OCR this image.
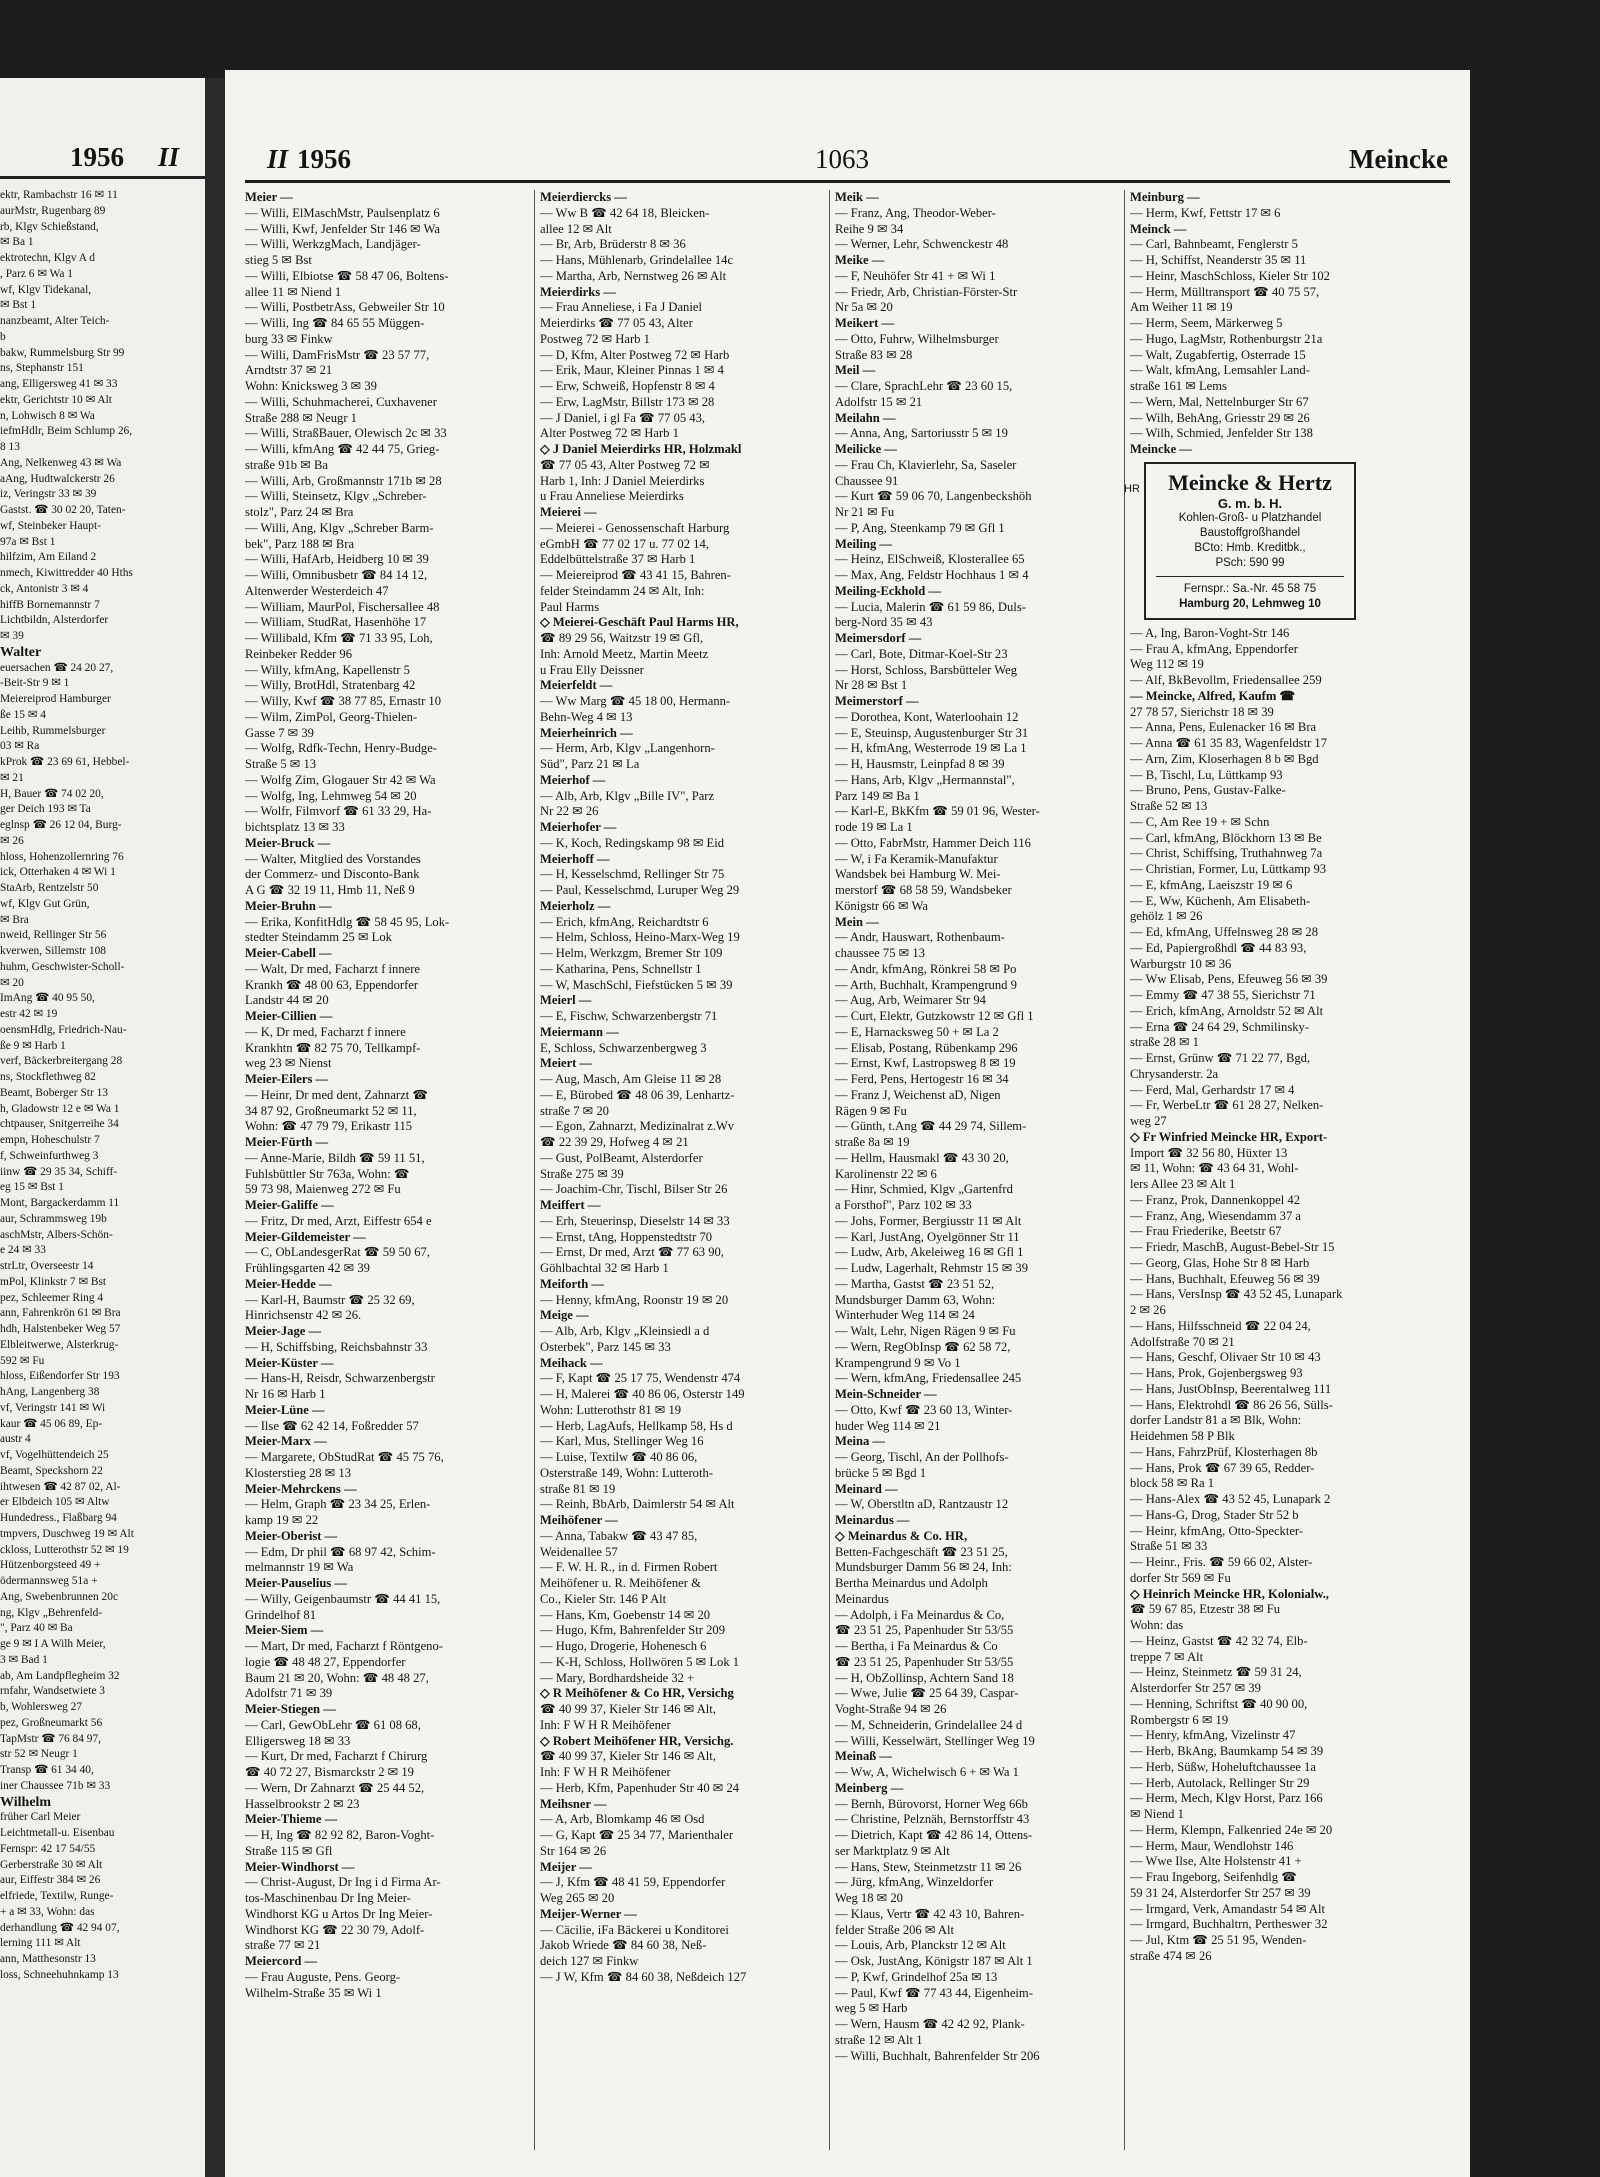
1956 II
ektr, Rambachstr 16 ✉ 11
aurMstr, Rugenbarg 89
rb, Klgv Schießstand,
✉ Ba 1
ektrotechn, Klgv A d
, Parz 6 ✉ Wa 1
wf, Klgv Tidekanal,
✉ Bst 1
nanzbeamt, Alter Teich-
b
bakw, Rummelsburg Str 99
ns, Stephanstr 151
ang, Elligersweg 41 ✉ 33
ektr, Gerichtstr 10 ✉ Alt
n, Lohwisch 8 ✉ Wa
iefmHdlr, Beim Schlump 26,
8 13
Ang, Nelkenweg 43 ✉ Wa
aAng, Hudtwalckerstr 26
iz, Veringstr 33 ✉ 39
Gastst. ☎ 30 02 20, Taten-
wf, Steinbeker Haupt-
97a ✉ Bst 1
hilfzim, Am Eiland 2
nmech, Kiwittredder 40 Hths
ck, Antonistr 3 ✉ 4
hiffB Bornemannstr 7
Lichtbildn, Alsterdorfer
✉ 39
Walter
euersachen ☎ 24 20 27,
-Beit-Str 9 ✉ 1
Meiereiprod Hamburger
ße 15 ✉ 4
Leihb, Rummelsburger
03 ✉ Ra
kProk ☎ 23 69 61, Hebbel-
✉ 21
H, Bauer ☎ 74 02 20,
ger Deich 193 ✉ Ta
eglnsp ☎ 26 12 04, Burg-
✉ 26
hloss, Hohenzollernring 76
ick, Otterhaken 4 ✉ Wi 1
StaArb, Rentzelstr 50
wf, Klgv Gut Grün,
✉ Bra
nweid, Rellinger Str 56
kverwen, Sillemstr 108
huhm, Geschwister-Scholl-
✉ 20
ImAng ☎ 40 95 50,
estr 42 ✉ 19
oensmHdlg, Friedrich-Nau-
ße 9 ✉ Harb 1
verf, Bäckerbreitergang 28
ns, Stockflethweg 82
Beamt, Boberger Str 13
h, Gladowstr 12 e ✉ Wa 1
chtpauser, Snitgerreihe 34
empn, Hoheschulstr 7
f, Schweinfurthweg 3
iinw ☎ 29 35 34, Schiff-
eg 15 ✉ Bst 1
Mont, Bargackerdamm 11
aur, Schrammsweg 19b
aschMstr, Albers-Schön-
e 24 ✉ 33
strLtr, Overseestr 14
mPol, Klinkstr 7 ✉ Bst
pez, Schleemer Ring 4
ann, Fahrenkrön 61 ✉ Bra
hdh, Halstenbeker Weg 57
Elbleitwerwe, Alsterkrug-
592 ✉ Fu
hloss, Eißendorfer Str 193
hAng, Langenberg 38
vf, Veringstr 141 ✉ Wi
kaur ☎ 45 06 89, Ep-
austr 4
vf, Vogelhüttendeich 25
Beamt, Speckshorn 22
ihtwesen ☎ 42 87 02, Al-
er Elbdeich 105 ✉ Altw
Hundedress., Flaßbarg 94
tmpvers, Duschweg 19 ✉ Alt
ckloss, Lutterothstr 52 ✉ 19
Hützenborgsteed 49 +
ödermannsweg 51a +
Ang, Swebenbrunnen 20c
ng, Klgv „Behrenfeld-
", Parz 40 ✉ Ba
ge 9 ✉ I A Wilh Meier,
3 ✉ Bad 1
ab, Am Landpflegheim 32
rnfahr, Wandsetwiete 3
b, Wohlersweg 27
pez, Großneumarkt 56
TapMstr ☎ 76 84 97,
str 52 ✉ Neugr 1
Transp ☎ 61 34 40,
iner Chaussee 71b ✉ 33
Wilhelm
früher Carl Meier
Leichtmetall-u. Eisenbau
Fernspr: 42 17 54/55
Gerberstraße 30 ✉ Alt
aur, Eiffestr 384 ✉ 26
elfriede, Textilw, Runge-
+ a ✉ 33, Wohn: das
derhandlung ☎ 42 94 07,
lerning 111 ✉ Alt
ann, Matthesonstr 13
loss, Schneehuhnkamp 13
II 1956	1063	Meincke
Meier —
— Willi, ElMaschMstr, Paulsenplatz 6
— Willi, Kwf, Jenfelder Str 146 ✉ Wa
— Willi, WerkzgMach, Landjäger-
stieg 5 ✉ Bst
— Willi, Elbiotse ☎ 58 47 06, Boltens-
allee 11 ✉ Niend 1
— Willi, PostbetrAss, Gebweiler Str 10
— Willi, Ing ☎ 84 65 55 Müggen-
burg 33 ✉ Finkw
— Willi, DamFrisMstr ☎ 23 57 77,
Arndtstr 37 ✉ 21
Wohn: Knicksweg 3 ✉ 39
— Willi, Schuhmacherei, Cuxhavener
Straße 288 ✉ Neugr 1
— Willi, StraßBauer, Olewisch 2c ✉ 33
— Willi, kfmAng ☎ 42 44 75, Grieg-
straße 91b ✉ Ba
— Willi, Arb, Großmannstr 171b ✉ 28
— Willi, Steinsetz, Klgv „Schreber-
stolz", Parz 24 ✉ Bra
— Willi, Ang, Klgv „Schreber Barm-
bek", Parz 188 ✉ Bra
— Willi, HafArb, Heidberg 10 ✉ 39
— Willi, Omnibusbetr ☎ 84 14 12,
Altenwerder Westerdeich 47
— William, MaurPol, Fischersallee 48
— William, StudRat, Hasenhöhe 17
— Willibald, Kfm ☎ 71 33 95, Loh,
Reinbeker Redder 96
— Willy, kfmAng, Kapellenstr 5
— Willy, BrotHdl, Stratenbarg 42
— Willy, Kwf ☎ 38 77 85, Ernastr 10
— Wilm, ZimPol, Georg-Thielen-
Gasse 7 ✉ 39
— Wolfg, Rdfk-Techn, Henry-Budge-
Straße 5 ✉ 13
— Wolfg Zim, Glogauer Str 42 ✉ Wa
— Wolfg, Ing, Lehmweg 54 ✉ 20
— Wolfr, Filmvorf ☎ 61 33 29, Ha-
bichtsplatz 13 ✉ 33
Meier-Bruck —
— Walter, Mitglied des Vorstandes
der Commerz- und Disconto-Bank
A G ☎ 32 19 11, Hmb 11, Neß 9
Meier-Bruhn —
— Erika, KonfitHdlg ☎ 58 45 95, Lok-
stedter Steindamm 25 ✉ Lok
Meier-Cabell —
— Walt, Dr med, Facharzt f innere
Krankh ☎ 48 00 63, Eppendorfer
Landstr 44 ✉ 20
Meier-Cillien —
— K, Dr med, Facharzt f innere
Krankhtn ☎ 82 75 70, Tellkampf-
weg 23 ✉ Nienst
Meier-Eilers —
— Heinr, Dr med dent, Zahnarzt ☎
34 87 92, Großneumarkt 52 ✉ 11,
Wohn: ☎ 47 79 79, Erikastr 115
Meier-Fürth —
— Anne-Marie, Bildh ☎ 59 11 51,
Fuhlsbüttler Str 763a, Wohn: ☎
59 73 98, Maienweg 272 ✉ Fu
Meier-Galiffe —
— Fritz, Dr med, Arzt, Eiffestr 654 e
Meier-Gildemeister —
— C, ObLandesgerRat ☎ 59 50 67,
Frühlingsgarten 42 ✉ 39
Meier-Hedde —
— Karl-H, Baumstr ☎ 25 32 69,
Hinrichsenstr 42 ✉ 26.
Meier-Jage —
— H, Schiffsbing, Reichsbahnstr 33
Meier-Küster —
— Hans-H, Reisdr, Schwarzenbergstr
Nr 16 ✉ Harb 1
Meier-Lüne —
— Ilse ☎ 62 42 14, Foßredder 57
Meier-Marx —
— Margarete, ObStudRat ☎ 45 75 76,
Klosterstieg 28 ✉ 13
Meier-Mehrckens —
— Helm, Graph ☎ 23 34 25, Erlen-
kamp 19 ✉ 22
Meier-Oberist —
— Edm, Dr phil ☎ 68 97 42, Schim-
melmannstr 19 ✉ Wa
Meier-Pauselius —
— Willy, Geigenbaumstr ☎ 44 41 15,
Grindelhof 81
Meier-Siem —
— Mart, Dr med, Facharzt f Röntgeno-
logie ☎ 48 48 27, Eppendorfer
Baum 21 ✉ 20, Wohn: ☎ 48 48 27,
Adolfstr 71 ✉ 39
Meier-Stiegen —
— Carl, GewObLehr ☎ 61 08 68,
Elligersweg 18 ✉ 33
— Kurt, Dr med, Facharzt f Chirurg
☎ 40 72 27, Bismarckstr 2 ✉ 19
— Wern, Dr Zahnarzt ☎ 25 44 52,
Hasselbrookstr 2 ✉ 23
Meier-Thieme —
— H, Ing ☎ 82 92 82, Baron-Voght-
Straße 115 ✉ Gfl
Meier-Windhorst —
— Christ-August, Dr Ing i d Firma Ar-
tos-Maschinenbau Dr Ing Meier-
Windhorst KG u Artos Dr Ing Meier-
Windhorst KG ☎ 22 30 79, Adolf-
straße 77 ✉ 21
Meiercord —
— Frau Auguste, Pens. Georg-
Wilhelm-Straße 35 ✉ Wi 1
Meierdiercks —
— Ww B ☎ 42 64 18, Bleicken-
allee 12 ✉ Alt
— Br, Arb, Brüderstr 8 ✉ 36
— Hans, Mühlenarb, Grindelallee 14c
— Martha, Arb, Nernstweg 26 ✉ Alt
Meierdirks —
— Frau Anneliese, i Fa J Daniel
Meierdirks ☎ 77 05 43, Alter
Postweg 72 ✉ Harb 1
— D, Kfm, Alter Postweg 72 ✉ Harb
— Erik, Maur, Kleiner Pinnas 1 ✉ 4
— Erw, Schweiß, Hopfenstr 8 ✉ 4
— Erw, LagMstr, Billstr 173 ✉ 28
— J Daniel, i gl Fa ☎ 77 05 43,
Alter Postweg 72 ✉ Harb 1
◇ J Daniel Meierdirks HR, Holzmakl
☎ 77 05 43, Alter Postweg 72 ✉
Harb 1, Inh: J Daniel Meierdirks
u Frau Anneliese Meierdirks
Meierei —
— Meierei - Genossenschaft Harburg
eGmbH ☎ 77 02 17 u. 77 02 14,
Eddelbüttelstraße 37 ✉ Harb 1
— Meiereiprod ☎ 43 41 15, Bahren-
felder Steindamm 24 ✉ Alt, Inh:
Paul Harms
◇ Meierei-Geschäft Paul Harms HR,
☎ 89 29 56, Waitzstr 19 ✉ Gfl,
Inh: Arnold Meetz, Martin Meetz
u Frau Elly Deissner
Meierfeldt —
— Ww Marg ☎ 45 18 00, Hermann-
Behn-Weg 4 ✉ 13
Meierheinrich —
— Herm, Arb, Klgv „Langenhorn-
Süd", Parz 21 ✉ La
Meierhof —
— Alb, Arb, Klgv „Bille IV", Parz
Nr 22 ✉ 26
Meierhofer —
— K, Koch, Redingskamp 98 ✉ Eid
Meierhoff —
— H, Kesselschmd, Rellinger Str 75
— Paul, Kesselschmd, Luruper Weg 29
Meierholz —
— Erich, kfmAng, Reichardtstr 6
— Helm, Schloss, Heino-Marx-Weg 19
— Helm, Werkzgm, Bremer Str 109
— Katharina, Pens, Schnellstr 1
— W, MaschSchl, Fiefstücken 5 ✉ 39
Meierl —
— E, Fischw, Schwarzenbergstr 71
Meiermann —
E, Schloss, Schwarzenbergweg 3
Meiert —
— Aug, Masch, Am Gleise 11 ✉ 28
— E, Bürobed ☎ 48 06 39, Lenhartz-
straße 7 ✉ 20
— Egon, Zahnarzt, Medizinalrat z.Wv
☎ 22 39 29, Hofweg 4 ✉ 21
— Gust, PolBeamt, Alsterdorfer
Straße 275 ✉ 39
— Joachim-Chr, Tischl, Bilser Str 26
Meiffert —
— Erh, Steuerinsp, Dieselstr 14 ✉ 33
— Ernst, tAng, Hoppenstedtstr 70
— Ernst, Dr med, Arzt ☎ 77 63 90,
Göhlbachtal 32 ✉ Harb 1
Meiforth —
— Henny, kfmAng, Roonstr 19 ✉ 20
Meige —
— Alb, Arb, Klgv „Kleinsiedl a d
Osterbek", Parz 145 ✉ 33
Meihack —
— F, Kapt ☎ 25 17 75, Wendenstr 474
— H, Malerei ☎ 40 86 06, Osterstr 149
Wohn: Lutterothstr 81 ✉ 19
— Herb, LagAufs, Hellkamp 58, Hs d
— Karl, Mus, Stellinger Weg 16
— Luise, Textilw ☎ 40 86 06,
Osterstraße 149, Wohn: Lutteroth-
straße 81 ✉ 19
— Reinh, BbArb, Daimlerstr 54 ✉ Alt
Meihöfener —
— Anna, Tabakw ☎ 43 47 85,
Weidenallee 57
— F. W. H. R., in d. Firmen Robert
Meihöfener u. R. Meihöfener &
Co., Kieler Str. 146 P Alt
— Hans, Km, Goebenstr 14 ✉ 20
— Hugo, Kfm, Bahrenfelder Str 209
— Hugo, Drogerie, Hohenesch 6
— K-H, Schloss, Hollwören 5 ✉ Lok 1
— Mary, Bordhardsheide 32 +
◇ R Meihöfener & Co HR, Versichg
☎ 40 99 37, Kieler Str 146 ✉ Alt,
Inh: F W H R Meihöfener
◇ Robert Meihöfener HR, Versichg.
☎ 40 99 37, Kieler Str 146 ✉ Alt,
Inh: F W H R Meihöfener
— Herb, Kfm, Papenhuder Str 40 ✉ 24
Meihsner —
— A, Arb, Blomkamp 46 ✉ Osd
— G, Kapt ☎ 25 34 77, Marienthaler
Str 164 ✉ 26
Meijer —
— J, Kfm ☎ 48 41 59, Eppendorfer
Weg 265 ✉ 20
Meijer-Werner —
— Cäcilie, iFa Bäckerei u Konditorei
Jakob Wriede ☎ 84 60 38, Neß-
deich 127 ✉ Finkw
— J W, Kfm ☎ 84 60 38, Neßdeich 127
Meik —
— Franz, Ang, Theodor-Weber-
Reihe 9 ✉ 34
— Werner, Lehr, Schwenckestr 48
Meike —
— F, Neuhöfer Str 41 + ✉ Wi 1
— Friedr, Arb, Christian-Förster-Str
Nr 5a ✉ 20
Meikert —
— Otto, Fuhrw, Wilhelmsburger
Straße 83 ✉ 28
Meil —
— Clare, SprachLehr ☎ 23 60 15,
Adolfstr 15 ✉ 21
Meilahn —
— Anna, Ang, Sartoriusstr 5 ✉ 19
Meilicke —
— Frau Ch, Klavierlehr, Sa, Saseler
Chaussee 91
— Kurt ☎ 59 06 70, Langenbeckshöh
Nr 21 ✉ Fu
— P, Ang, Steenkamp 79 ✉ Gfl 1
Meiling —
— Heinz, ElSchweiß, Klosterallee 65
— Max, Ang, Feldstr Hochhaus 1 ✉ 4
Meiling-Eckhold —
— Lucia, Malerin ☎ 61 59 86, Duls-
berg-Nord 35 ✉ 43
Meimersdorf —
— Carl, Bote, Ditmar-Koel-Str 23
— Horst, Schloss, Barsbütteler Weg
Nr 28 ✉ Bst 1
Meimerstorf —
— Dorothea, Kont, Waterloohain 12
— E, Steuinsp, Augustenburger Str 31
— H, kfmAng, Westerrode 19 ✉ La 1
— H, Hausmstr, Leinpfad 8 ✉ 39
— Hans, Arb, Klgv „Hermannstal",
Parz 149 ✉ Ba 1
— Karl-E, BkKfm ☎ 59 01 96, Wester-
rode 19 ✉ La 1
— Otto, FabrMstr, Hammer Deich 116
— W, i Fa Keramik-Manufaktur
Wandsbek bei Hamburg W. Mei-
merstorf ☎ 68 58 59, Wandsbeker
Königstr 66 ✉ Wa
Mein —
— Andr, Hauswart, Rothenbaum-
chaussee 75 ✉ 13
— Andr, kfmAng, Rönkrei 58 ✉ Po
— Arth, Buchhalt, Krampengrund 9
— Aug, Arb, Weimarer Str 94
— Curt, Elektr, Gutzkowstr 12 ✉ Gfl 1
— E, Harnacksweg 50 + ✉ La 2
— Elisab, Postang, Rübenkamp 296
— Ernst, Kwf, Lastropsweg 8 ✉ 19
— Ferd, Pens, Hertogestr 16 ✉ 34
— Franz J, Weichenst aD, Nigen
Rägen 9 ✉ Fu
— Günth, t.Ang ☎ 44 29 74, Sillem-
straße 8a ✉ 19
— Hellm, Hausmakl ☎ 43 30 20,
Karolinenstr 22 ✉ 6
— Hinr, Schmied, Klgv „Gartenfrd
a Forsthof", Parz 102 ✉ 33
— Johs, Former, Bergiusstr 11 ✉ Alt
— Karl, JustAng, Oyelgönner Str 11
— Ludw, Arb, Akeleiweg 16 ✉ Gfl 1
— Ludw, Lagerhalt, Rehmstr 15 ✉ 39
— Martha, Gastst ☎ 23 51 52,
Mundsburger Damm 63, Wohn:
Winterhuder Weg 114 ✉ 24
— Walt, Lehr, Nigen Rägen 9 ✉ Fu
— Wern, RegObInsp ☎ 62 58 72,
Krampengrund 9 ✉ Vo 1
— Wern, kfmAng, Friedensallee 245
Mein-Schneider —
— Otto, Kwf ☎ 23 60 13, Winter-
huder Weg 114 ✉ 21
Meina —
— Georg, Tischl, An der Pollhofs-
brücke 5 ✉ Bgd 1
Meinard —
— W, Oberstltn aD, Rantzaustr 12
Meinardus —
◇ Meinardus & Co. HR,
Betten-Fachgeschäft ☎ 23 51 25,
Mundsburger Damm 56 ✉ 24, Inh:
Bertha Meinardus und Adolph
Meinardus
— Adolph, i Fa Meinardus & Co,
☎ 23 51 25, Papenhuder Str 53/55
— Bertha, i Fa Meinardus & Co
☎ 23 51 25, Papenhuder Str 53/55
— H, ObZollinsp, Achtern Sand 18
— Wwe, Julie ☎ 25 64 39, Caspar-
Voght-Straße 94 ✉ 26
— M, Schneiderin, Grindelallee 24 d
— Willi, Kesselwärt, Stellinger Weg 19
Meinaß —
— Ww, A, Wichelwisch 6 + ✉ Wa 1
Meinberg —
— Bernh, Bürovorst, Horner Weg 66b
— Christine, Pelznäh, Bernstorffstr 43
— Dietrich, Kapt ☎ 42 86 14, Ottens-
ser Marktplatz 9 ✉ Alt
— Hans, Stew, Steinmetzstr 11 ✉ 26
— Jürg, kfmAng, Winzeldorfer
Weg 18 ✉ 20
— Klaus, Vertr ☎ 42 43 10, Bahren-
felder Straße 206 ✉ Alt
— Louis, Arb, Planckstr 12 ✉ Alt
— Osk, JustAng, Königstr 187 ✉ Alt 1
— P, Kwf, Grindelhof 25a ✉ 13
— Paul, Kwf ☎ 77 43 44, Eigenheim-
weg 5 ✉ Harb
— Wern, Hausm ☎ 42 42 92, Plank-
straße 12 ✉ Alt 1
— Willi, Buchhalt, Bahrenfelder Str 206
Meinburg —
— Herm, Kwf, Fettstr 17 ✉ 6
Meinck —
— Carl, Bahnbeamt, Fenglerstr 5
— H, Schiffst, Neanderstr 35 ✉ 11
— Heinr, MaschSchloss, Kieler Str 102
— Herm, Mülltransport ☎ 40 75 57,
Am Weiher 11 ✉ 19
— Herm, Seem, Märkerweg 5
— Hugo, LagMstr, Rothenburgstr 21a
— Walt, Zugabfertig, Osterrade 15
— Walt, kfmAng, Lemsahler Land-
straße 161 ✉ Lems
— Wern, Mal, Nettelnburger Str 67
— Wilh, BehAng, Griesstr 29 ✉ 26
— Wilh, Schmied, Jenfelder Str 138
Meincke —
HR	Meincke & Hertz
G. m. b. H.
Kohlen-Groß- u Platzhandel
Baustoffgroßhandel
BCto: Hmb. Kreditbk.,
PSch: 590 99
Fernspr.: Sa.-Nr. 45 58 75
Hamburg 20, Lehmweg 10
— A, Ing, Baron-Voght-Str 146
— Frau A, kfmAng, Eppendorfer
Weg 112 ✉ 19
— Alf, BkBevollm, Friedensallee 259
— Meincke, Alfred, Kaufm ☎
27 78 57, Sierichstr 18 ✉ 39
— Anna, Pens, Eulenacker 16 ✉ Bra
— Anna ☎ 61 35 83, Wagenfeldstr 17
— Arn, Zim, Kloserhagen 8 b ✉ Bgd
— B, Tischl, Lu, Lüttkamp 93
— Bruno, Pens, Gustav-Falke-
Straße 52 ✉ 13
— C, Am Ree 19 + ✉ Schn
— Carl, kfmAng, Blöckhorn 13 ✉ Be
— Christ, Schiffsing, Truthahnweg 7a
— Christian, Former, Lu, Lüttkamp 93
— E, kfmAng, Laeiszstr 19 ✉ 6
— E, Ww, Küchenh, Am Elisabeth-
gehölz 1 ✉ 26
— Ed, kfmAng, Uffelnsweg 28 ✉ 28
— Ed, Papiergroßhdl ☎ 44 83 93,
Warburgstr 10 ✉ 36
— Ww Elisab, Pens, Efeuweg 56 ✉ 39
— Emmy ☎ 47 38 55, Sierichstr 71
— Erich, kfmAng, Arnoldstr 52 ✉ Alt
— Erna ☎ 24 64 29, Schmilinsky-
straße 28 ✉ 1
— Ernst, Grünw ☎ 71 22 77, Bgd,
Chrysanderstr. 2a
— Ferd, Mal, Gerhardstr 17 ✉ 4
— Fr, WerbeLtr ☎ 61 28 27, Nelken-
weg 27
◇ Fr Winfried Meincke HR, Export-
Import ☎ 32 56 80, Hüxter 13
✉ 11, Wohn: ☎ 43 64 31, Wohl-
lers Allee 23 ✉ Alt 1
— Franz, Prok, Dannenkoppel 42
— Franz, Ang, Wiesendamm 37 a
— Frau Friederike, Beetstr 67
— Friedr, MaschB, August-Bebel-Str 15
— Georg, Glas, Hohe Str 8 ✉ Harb
— Hans, Buchhalt, Efeuweg 56 ✉ 39
— Hans, VersInsp ☎ 43 52 45, Lunapark
2 ✉ 26
— Hans, Hilfsschneid ☎ 22 04 24,
Adolfstraße 70 ✉ 21
— Hans, Geschf, Olivaer Str 10 ✉ 43
— Hans, Prok, Gojenbergsweg 93
— Hans, JustObInsp, Beerentalweg 111
— Hans, Elektrohdl ☎ 86 26 56, Sülls-
dorfer Landstr 81 a ✉ Blk, Wohn:
Heidehmen 58 P Blk
— Hans, FahrzPrüf, Klosterhagen 8b
— Hans, Prok ☎ 67 39 65, Redder-
block 58 ✉ Ra 1
— Hans-Alex ☎ 43 52 45, Lunapark 2
— Hans-G, Drog, Stader Str 52 b
— Heinr, kfmAng, Otto-Speckter-
Straße 51 ✉ 33
— Heinr., Fris. ☎ 59 66 02, Alster-
dorfer Str 569 ✉ Fu
◇ Heinrich Meincke HR, Kolonialw.,
☎ 59 67 85, Etzestr 38 ✉ Fu
Wohn: das
— Heinz, Gastst ☎ 42 32 74, Elb-
treppe 7 ✉ Alt
— Heinz, Steinmetz ☎ 59 31 24,
Alsterdorfer Str 257 ✉ 39
— Henning, Schriftst ☎ 40 90 00,
Rombergstr 6 ✉ 19
— Henry, kfmAng, Vizelinstr 47
— Herb, BkAng, Baumkamp 54 ✉ 39
— Herb, Süßw, Hoheluftchaussee 1a
— Herb, Autolack, Rellinger Str 29
— Herm, Mech, Klgv Horst, Parz 166
✉ Niend 1
— Herm, Klempn, Falkenried 24e ✉ 20
— Herm, Maur, Wendlohstr 146
— Wwe Ilse, Alte Holstenstr 41 +
— Frau Ingeborg, Seifenhdlg ☎
59 31 24, Alsterdorfer Str 257 ✉ 39
— Irmgard, Verk, Amandastr 54 ✉ Alt
— Irmgard, Buchhaltrn, Pertheswег 32
— Jul, Ktm ☎ 25 51 95, Wenden-
straße 474 ✉ 26
